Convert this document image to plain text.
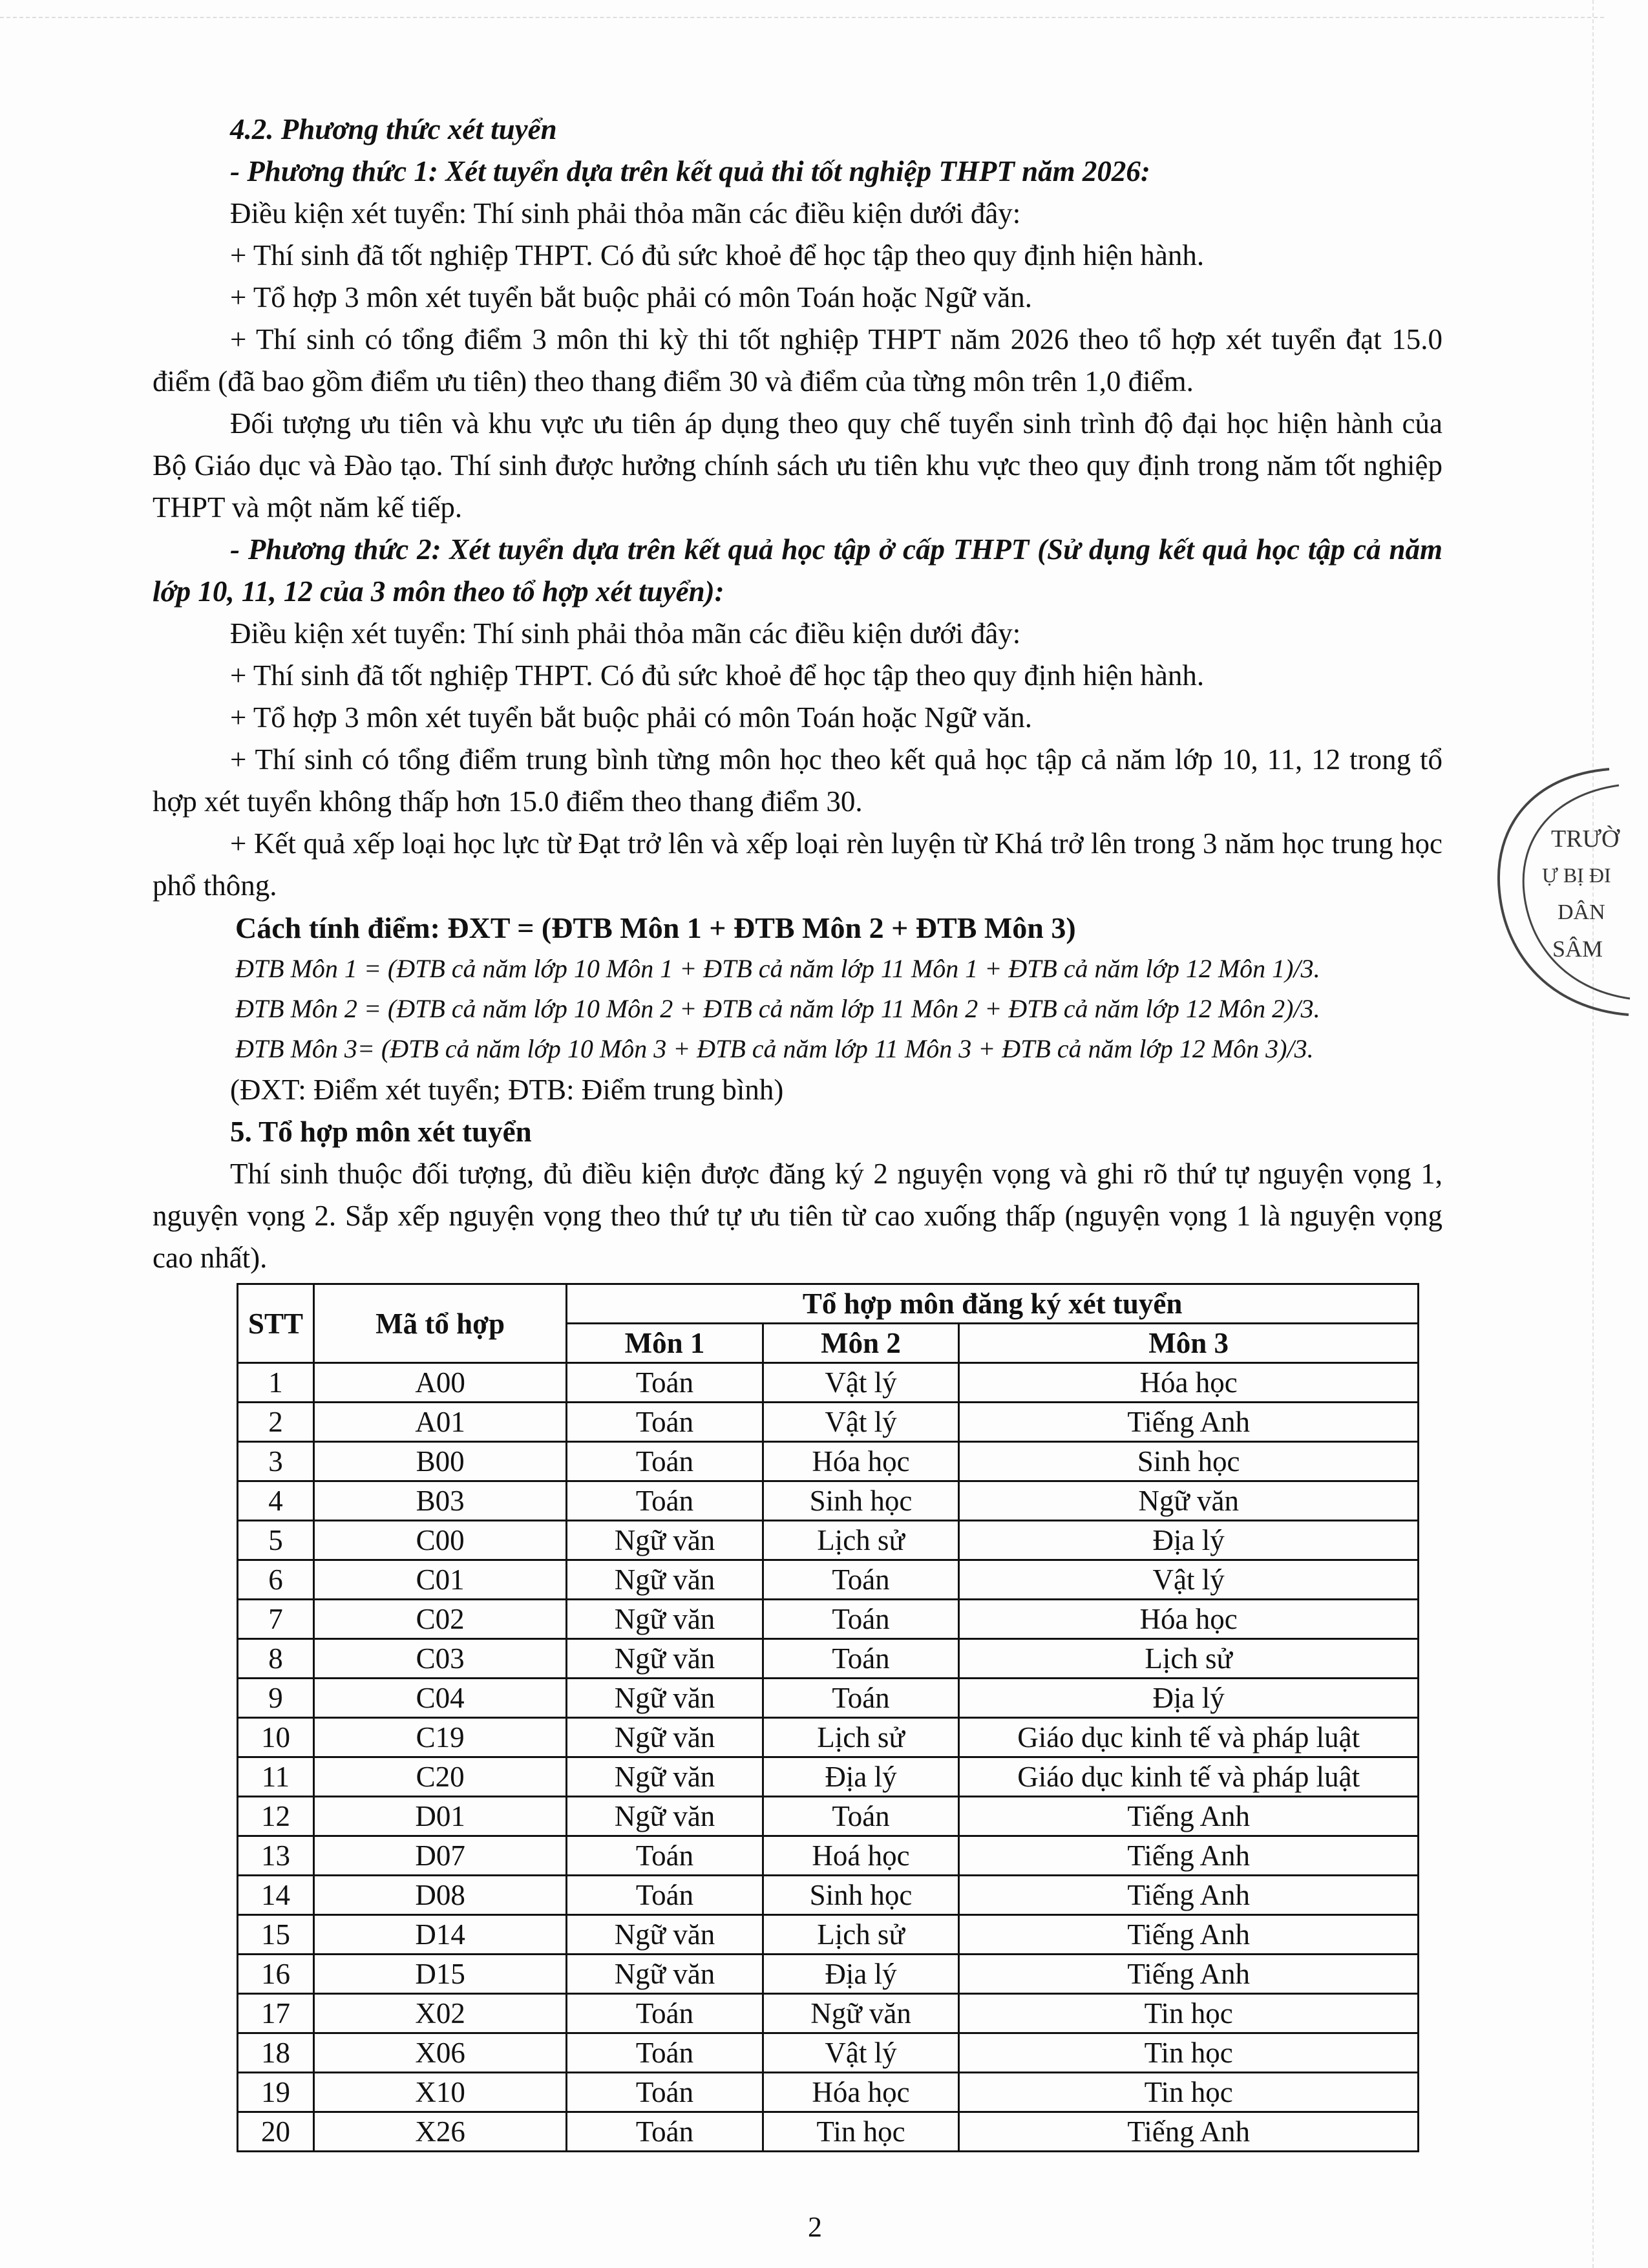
4.2. Phương thức xét tuyển

- Phương thức 1: Xét tuyển dựa trên kết quả thi tốt nghiệp THPT năm 2026:

Điều kiện xét tuyển: Thí sinh phải thỏa mãn các điều kiện dưới đây:

+ Thí sinh đã tốt nghiệp THPT. Có đủ sức khoẻ để học tập theo quy định hiện hành.

+ Tổ hợp 3 môn xét tuyển bắt buộc phải có môn Toán hoặc Ngữ văn.

+ Thí sinh có tổng điểm 3 môn thi kỳ thi tốt nghiệp THPT năm 2026 theo tổ hợp xét tuyển đạt 15.0 điểm (đã bao gồm điểm ưu tiên) theo thang điểm 30 và điểm của từng môn trên 1,0 điểm.

Đối tượng ưu tiên và khu vực ưu tiên áp dụng theo quy chế tuyển sinh trình độ đại học hiện hành của Bộ Giáo dục và Đào tạo. Thí sinh được hưởng chính sách ưu tiên khu vực theo quy định trong năm tốt nghiệp THPT và một năm kế tiếp.

- Phương thức 2: Xét tuyển dựa trên kết quả học tập ở cấp THPT (Sử dụng kết quả học tập cả năm lớp 10, 11, 12 của 3 môn theo tổ hợp xét tuyển):

Điều kiện xét tuyển: Thí sinh phải thỏa mãn các điều kiện dưới đây:

+ Thí sinh đã tốt nghiệp THPT. Có đủ sức khoẻ để học tập theo quy định hiện hành.

+ Tổ hợp 3 môn xét tuyển bắt buộc phải có môn Toán hoặc Ngữ văn.

+ Thí sinh có tổng điểm trung bình từng môn học theo kết quả học tập cả năm lớp 10, 11, 12 trong tổ hợp xét tuyển không thấp hơn 15.0 điểm theo thang điểm 30.

+ Kết quả xếp loại học lực từ Đạt trở lên và xếp loại rèn luyện từ Khá trở lên trong 3 năm học trung học phổ thông.

Cách tính điểm: ĐXT = (ĐTB Môn 1 + ĐTB Môn 2 + ĐTB Môn 3)

ĐTB Môn 1 = (ĐTB cả năm lớp 10 Môn 1 + ĐTB cả năm lớp 11 Môn 1 + ĐTB cả năm lớp 12 Môn 1)/3.

ĐTB Môn 2 = (ĐTB cả năm lớp 10 Môn 2 + ĐTB cả năm lớp 11 Môn 2 + ĐTB cả năm lớp 12 Môn 2)/3.

ĐTB Môn 3= (ĐTB cả năm lớp 10 Môn 3 + ĐTB cả năm lớp 11 Môn 3 + ĐTB cả năm lớp 12 Môn 3)/3.

(ĐXT: Điểm xét tuyển; ĐTB: Điểm trung bình)

5. Tổ hợp môn xét tuyển

Thí sinh thuộc đối tượng, đủ điều kiện được đăng ký 2 nguyện vọng và ghi rõ thứ tự nguyện vọng 1, nguyện vọng 2. Sắp xếp nguyện vọng theo thứ tự ưu tiên từ cao xuống thấp (nguyện vọng 1 là nguyện vọng cao nhất).

STT	Mã tổ hợp	Tổ hợp môn đăng ký xét tuyển		
		Môn 1	Môn 2	Môn 3
1	A00	Toán	Vật lý	Hóa học
2	A01	Toán	Vật lý	Tiếng Anh
3	B00	Toán	Hóa học	Sinh học
4	B03	Toán	Sinh học	Ngữ văn
5	C00	Ngữ văn	Lịch sử	Địa lý
6	C01	Ngữ văn	Toán	Vật lý
7	C02	Ngữ văn	Toán	Hóa học
8	C03	Ngữ văn	Toán	Lịch sử
9	C04	Ngữ văn	Toán	Địa lý
10	C19	Ngữ văn	Lịch sử	Giáo dục kinh tế và pháp luật
11	C20	Ngữ văn	Địa lý	Giáo dục kinh tế và pháp luật
12	D01	Ngữ văn	Toán	Tiếng Anh
13	D07	Toán	Hoá học	Tiếng Anh
14	D08	Toán	Sinh học	Tiếng Anh
15	D14	Ngữ văn	Lịch sử	Tiếng Anh
16	D15	Ngữ văn	Địa lý	Tiếng Anh
17	X02	Toán	Ngữ văn	Tin học
18	X06	Toán	Vật lý	Tin học
19	X10	Toán	Hóa học	Tin học
20	X26	Toán	Tin học	Tiếng Anh
TRƯỜ
Ự BỊ ĐI
DÂN
SÂM
2
